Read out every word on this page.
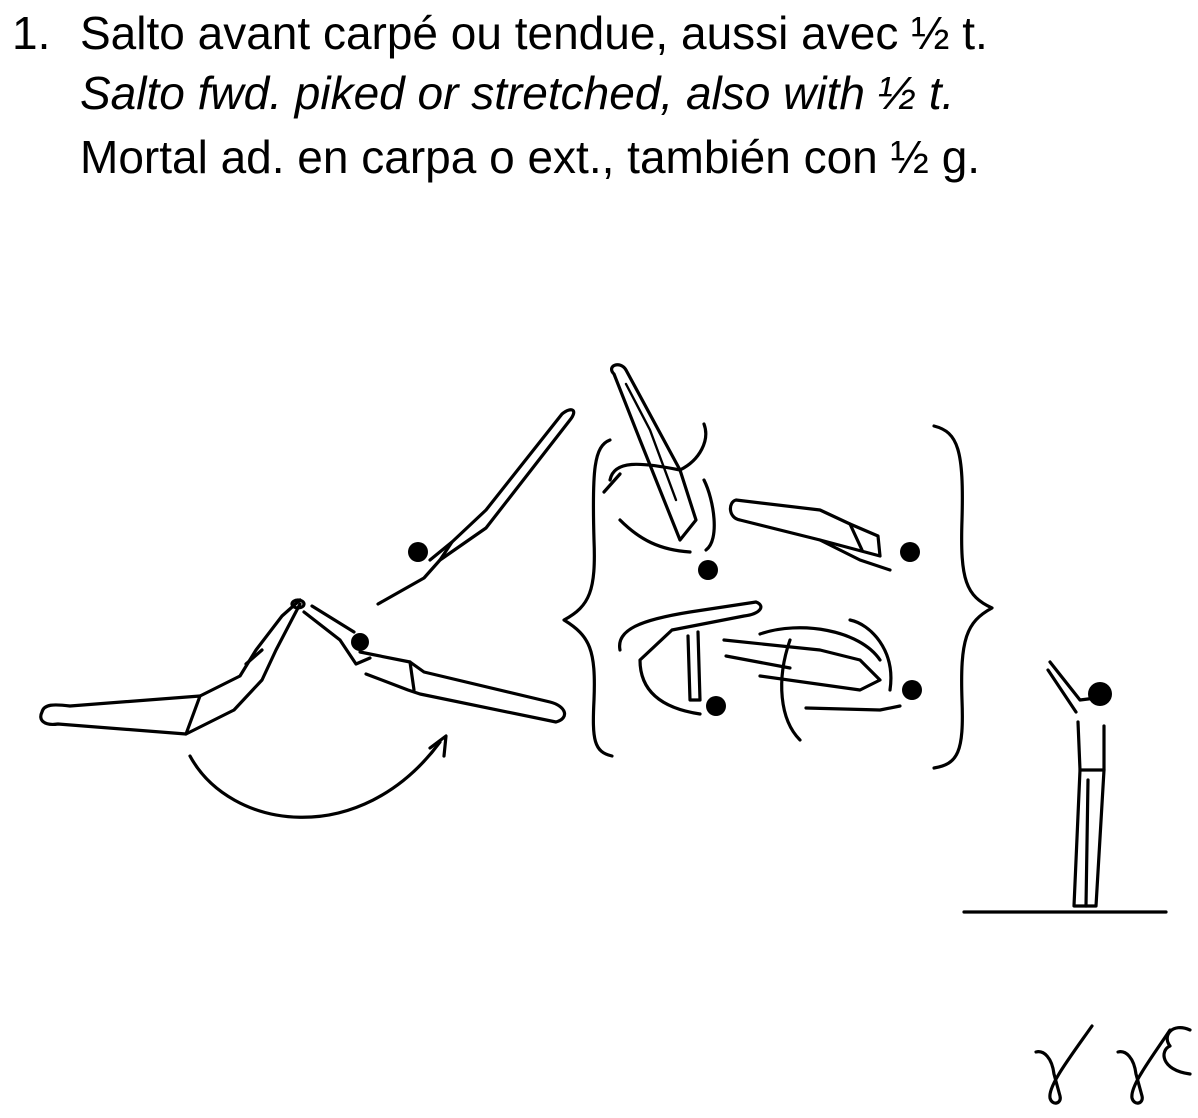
1. Salto avant carpé ou tendue, aussi avec ½ t.
Salto fwd. piked or stretched, also with ½ t.
Mortal ad. en carpa o ext., también con ½ g.
